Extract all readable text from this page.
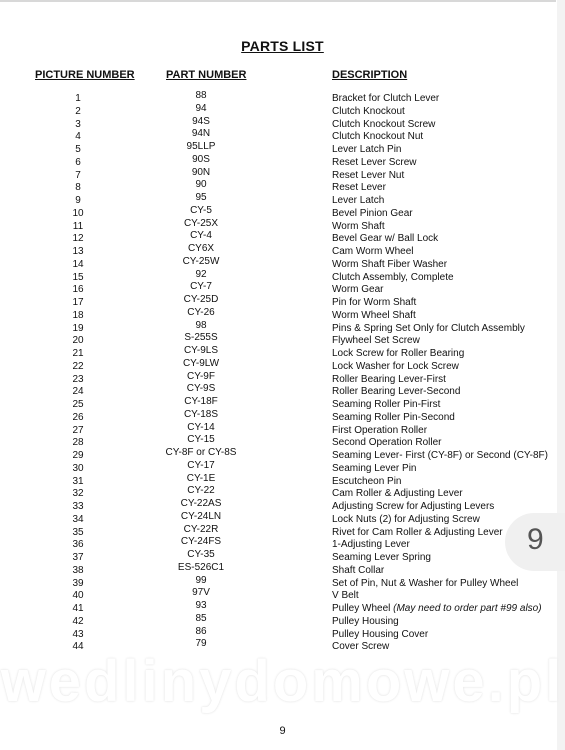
PARTS LIST
PICTURE NUMBER	PART NUMBER	DESCRIPTION
1	88	Bracket for Clutch Lever
2	94	Clutch Knockout
3	94S	Clutch Knockout Screw
4	94N	Clutch Knockout Nut
5	95LLP	Lever Latch Pin
6	90S	Reset Lever Screw
7	90N	Reset Lever Nut
8	90	Reset Lever
9	95	Lever Latch
10	CY-5	Bevel Pinion Gear
11	CY-25X	Worm Shaft
12	CY-4	Bevel Gear w/ Ball Lock
13	CY6X	Cam Worm Wheel
14	CY-25W	Worm Shaft Fiber Washer
15	92	Clutch Assembly, Complete
16	CY-7	Worm Gear
17	CY-25D	Pin for Worm Shaft
18	CY-26	Worm Wheel Shaft
19	98	Pins & Spring Set Only for Clutch Assembly
20	S-255S	Flywheel Set Screw
21	CY-9LS	Lock Screw for Roller Bearing
22	CY-9LW	Lock Washer for Lock Screw
23	CY-9F	Roller Bearing Lever-First
24	CY-9S	Roller Bearing Lever-Second
25	CY-18F	Seaming Roller Pin-First
26	CY-18S	Seaming Roller Pin-Second
27	CY-14	First Operation Roller
28	CY-15	Second Operation Roller
29	CY-8F or CY-8S	Seaming Lever- First (CY-8F) or Second (CY-8F)
30	CY-17	Seaming Lever Pin
31	CY-1E	Escutcheon Pin
32	CY-22	Cam Roller & Adjusting Lever
33	CY-22AS	Adjusting Screw for Adjusting Levers
34	CY-24LN	Lock Nuts (2) for Adjusting Screw
35	CY-22R	Rivet for Cam Roller & Adjusting Lever
36	CY-24FS	1-Adjusting Lever
37	CY-35	Seaming Lever Spring
38	ES-526C1	Shaft Collar
39	99	Set of Pin, Nut & Washer for Pulley Wheel
40	97V	V Belt
41	93	Pulley Wheel (May need to order part #99 also)
42	85	Pulley Housing
43	86	Pulley Housing Cover
44	79	Cover Screw
9
wedlinydomowe.pl
9
